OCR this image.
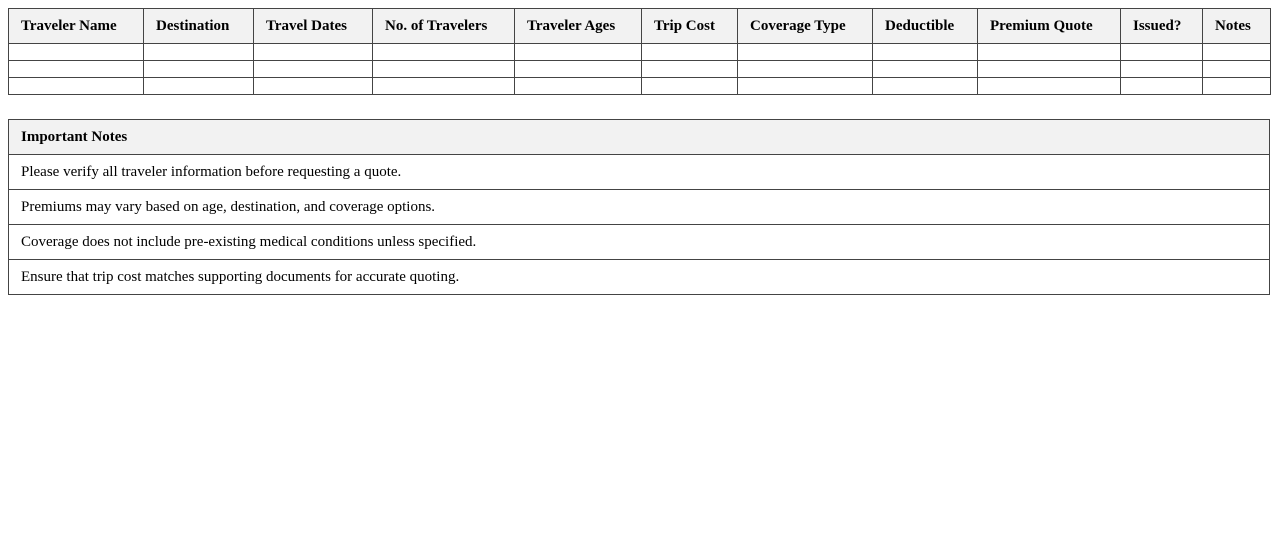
Traveler Name	Destination	Travel Dates	No. of Travelers	Traveler Ages	Trip Cost	Coverage Type	Deductible	Premium Quote	Issued?	Notes

Important Notes
Please verify all traveler information before requesting a quote.
Premiums may vary based on age, destination, and coverage options.
Coverage does not include pre-existing medical conditions unless specified.
Ensure that trip cost matches supporting documents for accurate quoting.
